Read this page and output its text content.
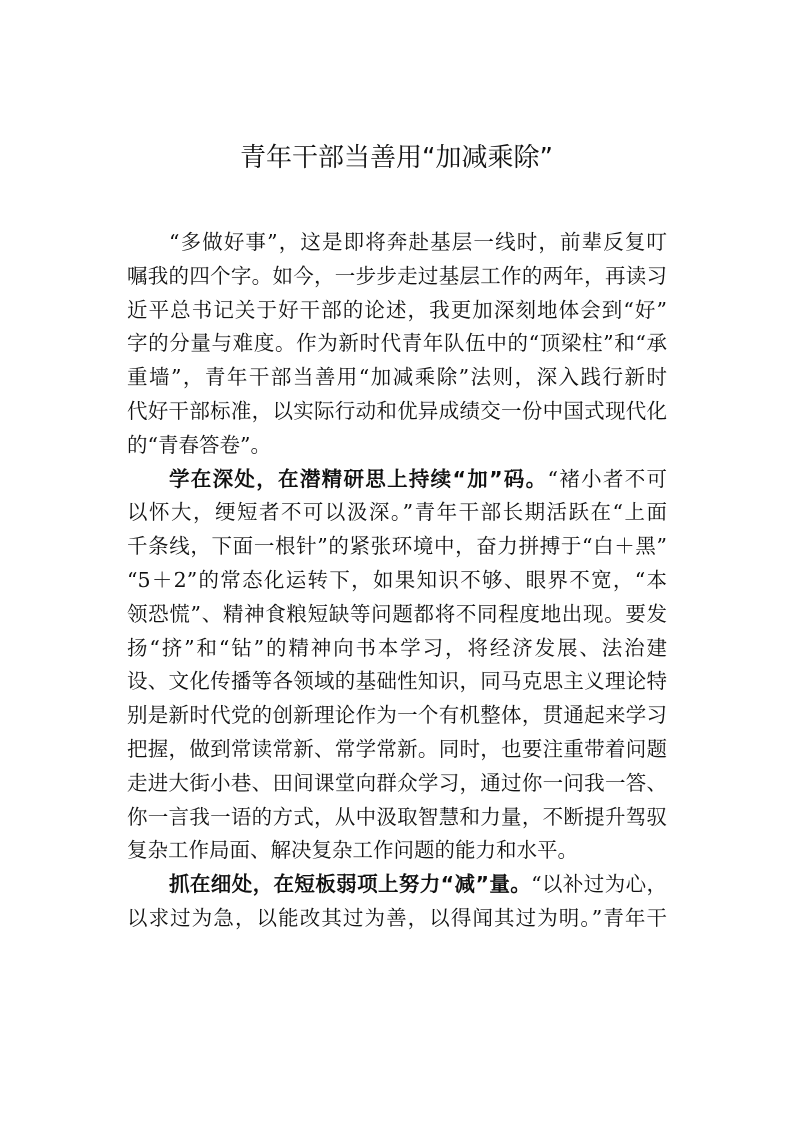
青年干部当善用“加减乘除”
“多做好事”，这是即将奔赴基层一线时，前辈反复叮
嘱我的四个字。如今，一步步走过基层工作的两年，再读习
近平总书记关于好干部的论述，我更加深刻地体会到“好”
字的分量与难度。作为新时代青年队伍中的“顶梁柱”和“承
重墙”，青年干部当善用“加减乘除”法则，深入践行新时
代好干部标准，以实际行动和优异成绩交一份中国式现代化
的“青春答卷”。
学在深处，在潜精研思上持续“加”码。“褚小者不可
以怀大，绠短者不可以汲深。”青年干部长期活跃在“上面
千条线，下面一根针”的紧张环境中，奋力拼搏于“白＋黑”
“5＋2”的常态化运转下，如果知识不够、眼界不宽，“本
领恐慌”、精神食粮短缺等问题都将不同程度地出现。要发
扬“挤”和“钻”的精神向书本学习，将经济发展、法治建
设、文化传播等各领域的基础性知识，同马克思主义理论特
别是新时代党的创新理论作为一个有机整体，贯通起来学习
把握，做到常读常新、常学常新。同时，也要注重带着问题
走进大街小巷、田间课堂向群众学习，通过你一问我一答、
你一言我一语的方式，从中汲取智慧和力量，不断提升驾驭
复杂工作局面、解决复杂工作问题的能力和水平。
抓在细处，在短板弱项上努力“减”量。“以补过为心，
以求过为急，以能改其过为善，以得闻其过为明。”青年干
